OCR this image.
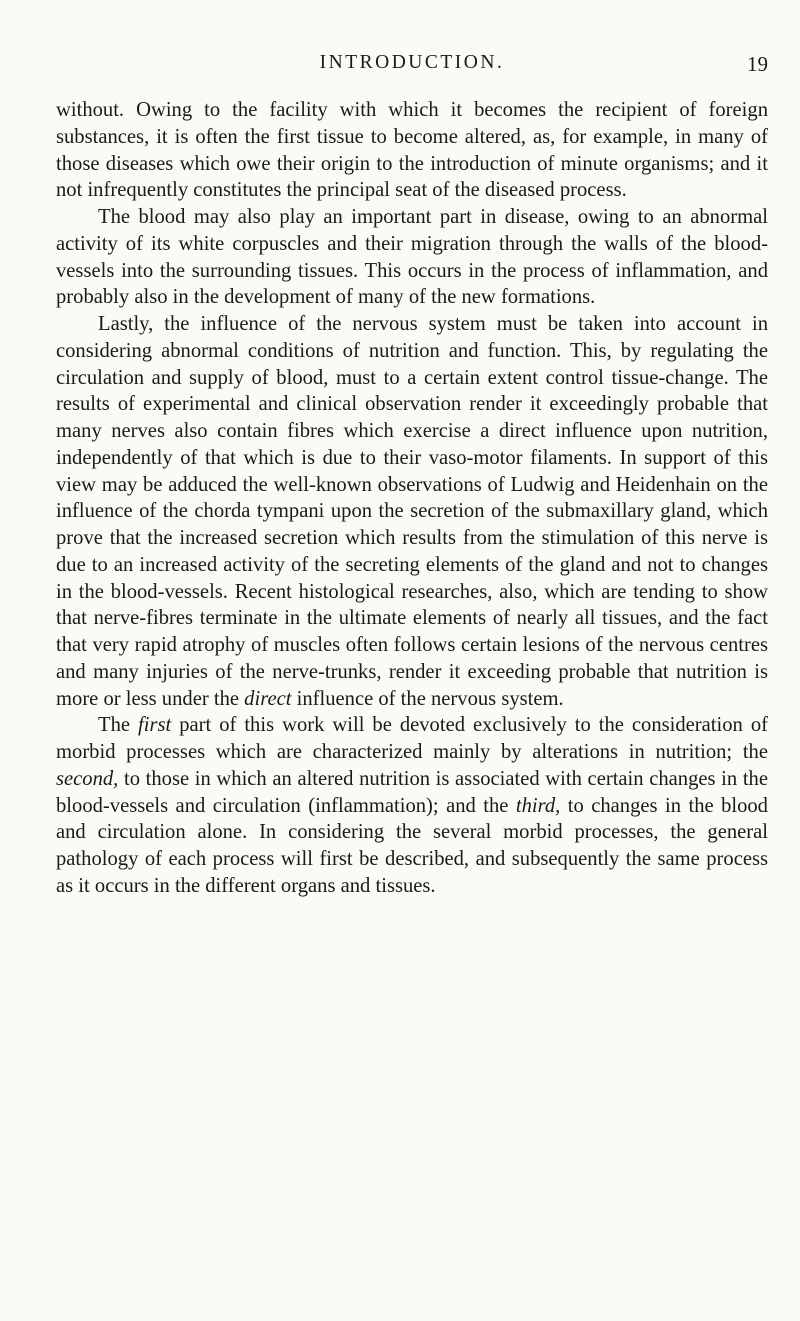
INTRODUCTION.	19

without. Owing to the facility with which it becomes the recipient of foreign substances, it is often the first tissue to become altered, as, for example, in many of those diseases which owe their origin to the introduction of minute organisms; and it not infrequently constitutes the principal seat of the diseased process.

The blood may also play an important part in disease, owing to an abnormal activity of its white corpuscles and their migration through the walls of the blood-vessels into the surrounding tissues. This occurs in the process of inflammation, and probably also in the development of many of the new formations.

Lastly, the influence of the nervous system must be taken into account in considering abnormal conditions of nutrition and function. This, by regulating the circulation and supply of blood, must to a certain extent control tissue-change. The results of experimental and clinical observation render it exceedingly probable that many nerves also contain fibres which exercise a direct influence upon nutrition, independently of that which is due to their vaso-motor filaments. In support of this view may be adduced the well-known observations of Ludwig and Heidenhain on the influence of the chorda tympani upon the secretion of the submaxillary gland, which prove that the increased secretion which results from the stimulation of this nerve is due to an increased activity of the secreting elements of the gland and not to changes in the blood-vessels. Recent histological researches, also, which are tending to show that nerve-fibres terminate in the ultimate elements of nearly all tissues, and the fact that very rapid atrophy of muscles often follows certain lesions of the nervous centres and many injuries of the nerve-trunks, render it exceeding probable that nutrition is more or less under the direct influence of the nervous system.

The first part of this work will be devoted exclusively to the consideration of morbid processes which are characterized mainly by alterations in nutrition; the second, to those in which an altered nutrition is associated with certain changes in the blood-vessels and circulation (inflammation); and the third, to changes in the blood and circulation alone. In considering the several morbid processes, the general pathology of each process will first be described, and subsequently the same process as it occurs in the different organs and tissues.
